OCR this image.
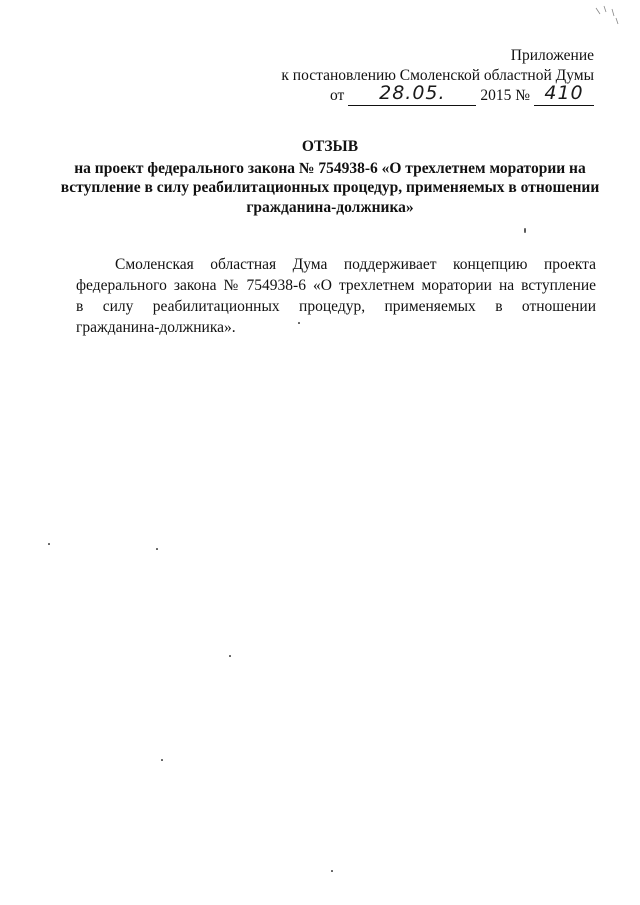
Приложение
к постановлению Смоленской областной Думы
от	28.05.	2015 № 410
ОТЗЫВ
на проект федерального закона № 754938-6 «О трехлетнем моратории на вступление в силу реабилитационных процедур, применяемых в отношении гражданина-должника»

Смоленская областная Дума поддерживает концепцию проекта федерального закона № 754938-6 «О трехлетнем моратории на вступление в силу реабилитационных процедур, применяемых в отношении гражданина-должника».
